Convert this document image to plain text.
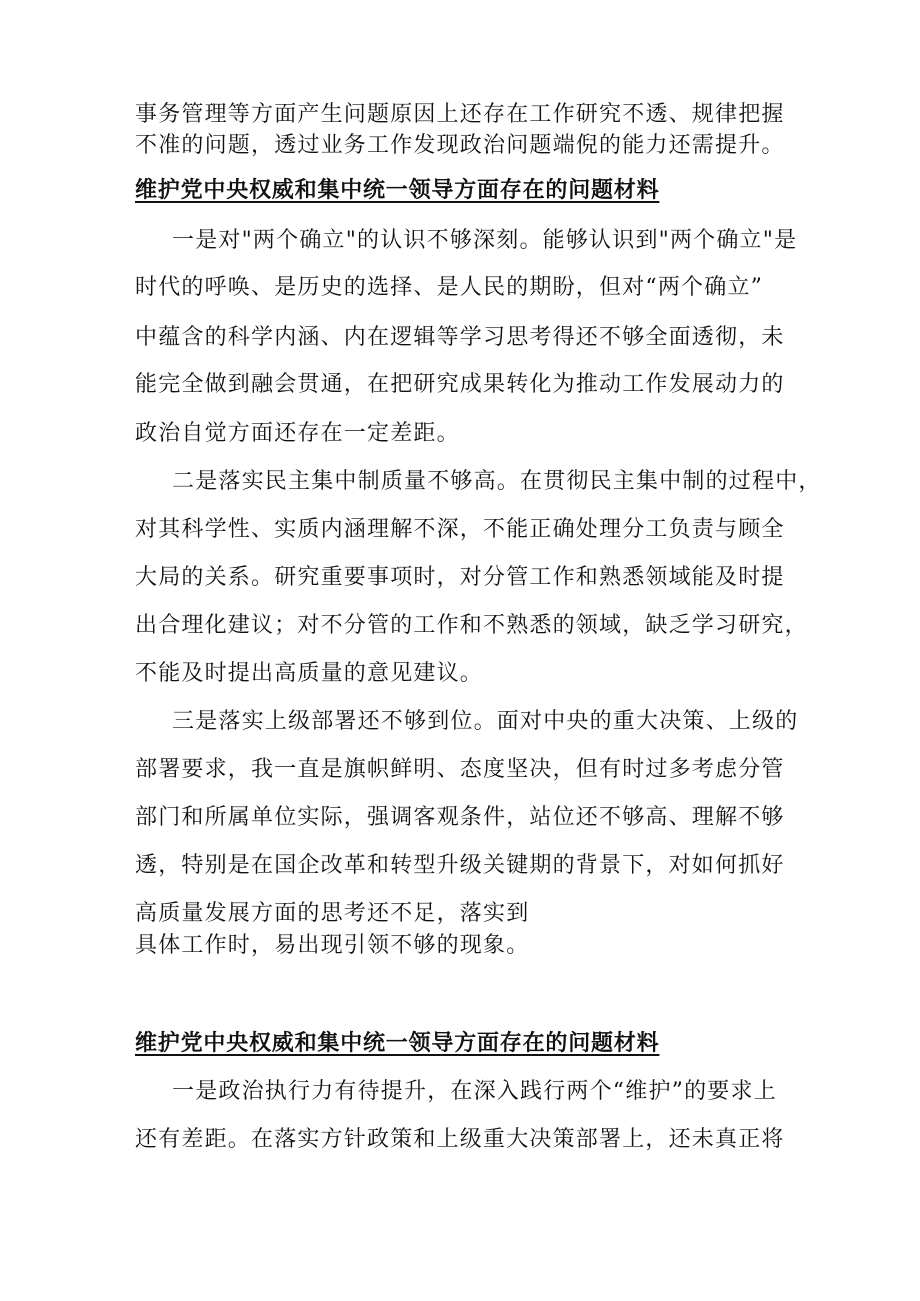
事务管理等方面产生问题原因上还存在工作研究不透、规律把握
不准的问题，透过业务工作发现政治问题端倪的能力还需提升。
维护党中央权威和集中统一领导方面存在的问题材料
一是对"两个确立"的认识不够深刻。能够认识到"两个确立"是
时代的呼唤、是历史的选择、是人民的期盼，但对“两个确立”
中蕴含的科学内涵、内在逻辑等学习思考得还不够全面透彻，未
能完全做到融会贯通，在把研究成果转化为推动工作发展动力的
政治自觉方面还存在一定差距。
二是落实民主集中制质量不够高。在贯彻民主集中制的过程中，
对其科学性、实质内涵理解不深，不能正确处理分工负责与顾全
大局的关系。研究重要事项时，对分管工作和熟悉领域能及时提
出合理化建议；对不分管的工作和不熟悉的领域，缺乏学习研究，
不能及时提出高质量的意见建议。
三是落实上级部署还不够到位。面对中央的重大决策、上级的
部署要求，我一直是旗帜鲜明、态度坚决，但有时过多考虑分管
部门和所属单位实际，强调客观条件，站位还不够高、理解不够
透，特别是在国企改革和转型升级关键期的背景下，对如何抓好
高质量发展方面的思考还不足，落实到
具体工作时，易出现引领不够的现象。
维护党中央权威和集中统一领导方面存在的问题材料
一是政治执行力有待提升，在深入践行两个“维护”的要求上
还有差距。在落实方针政策和上级重大决策部署上，还未真正将
